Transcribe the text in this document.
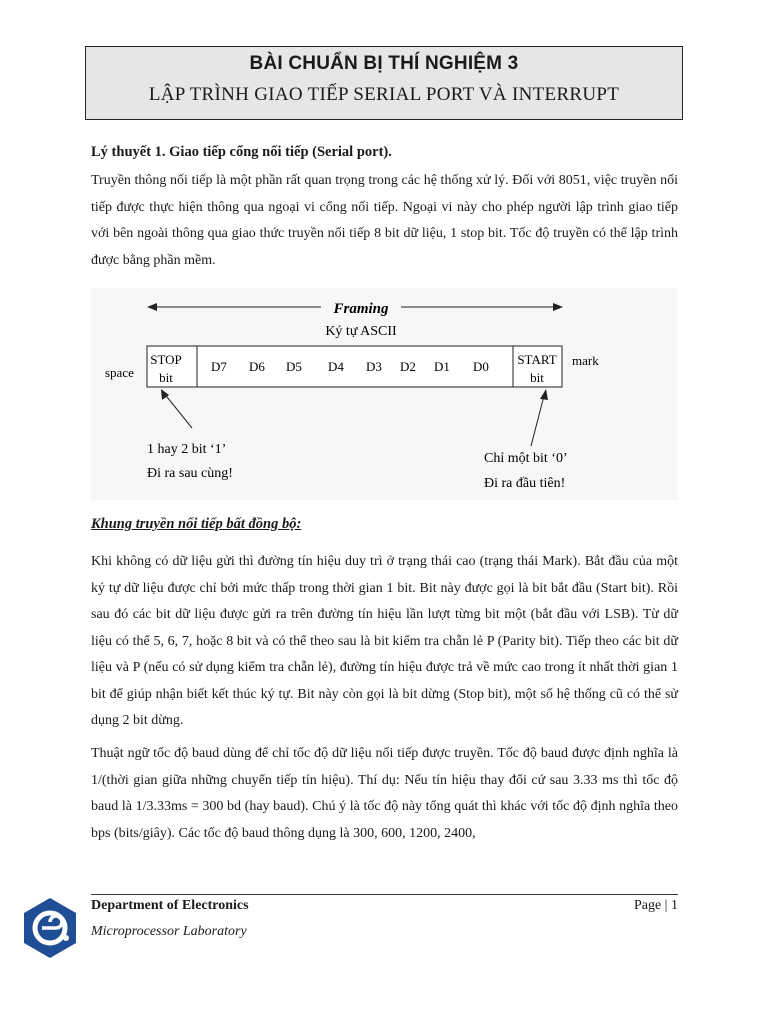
BÀI CHUẨN BỊ THÍ NGHIỆM 3
LẬP TRÌNH GIAO TIẾP SERIAL PORT VÀ INTERRUPT
Lý thuyết 1. Giao tiếp cổng nối tiếp (Serial port).

Truyền thông nối tiếp là một phần rất quan trọng trong các hệ thống xử lý. Đối với 8051, việc truyền nối tiếp được thực hiện thông qua ngoại vi cổng nối tiếp. Ngoại vi này cho phép người lập trình giao tiếp với bên ngoài thông qua giao thức truyền nối tiếp 8 bit dữ liệu, 1 stop bit. Tốc độ truyền có thể lập trình được bằng phần mềm.

Framing
Ký tự ASCII
STOP
bit
START
bit
D7 D6 D5 D4 D3 D2 D1 D0
space
mark
1 hay 2 bit ‘1’
Đi ra sau cùng!
Chỉ một bit ‘0’
Đi ra đầu tiên!
Khung truyền nối tiếp bất đồng bộ:

Khi không có dữ liệu gửi thì đường tín hiệu duy trì ở trạng thái cao (trạng thái Mark). Bắt đầu của một ký tự dữ liệu được chỉ bởi mức thấp trong thời gian 1 bit. Bit này được gọi là bit bắt đầu (Start bit). Rồi sau đó các bit dữ liệu được gửi ra trên đường tín hiệu lần lượt từng bit một (bắt đầu với LSB). Từ dữ liệu có thể 5, 6, 7, hoặc 8 bit và có thể theo sau là bit kiểm tra chẵn lẻ P (Parity bit). Tiếp theo các bit dữ liệu và P (nếu có sử dụng kiểm tra chẵn lẻ), đường tín hiệu được trả về mức cao trong ít nhất thời gian 1 bit để giúp nhận biết kết thúc ký tự. Bit này còn gọi là bit dừng (Stop bit), một số hệ thống cũ có thể sử dụng 2 bit dừng.

Thuật ngữ tốc độ baud dùng để chỉ tốc độ dữ liệu nối tiếp được truyền. Tốc độ baud được định nghĩa là 1/(thời gian giữa những chuyển tiếp tín hiệu). Thí dụ: Nếu tín hiệu thay đổi cứ sau 3.33 ms thì tốc độ baud là 1/3.33ms = 300 bd (hay baud). Chú ý là tốc độ này tổng quát thì khác với tốc độ định nghĩa theo bps (bits/giây). Các tốc độ baud thông dụng là 300, 600, 1200, 2400,

Department of Electronics
Microprocessor Laboratory
Page | 1
